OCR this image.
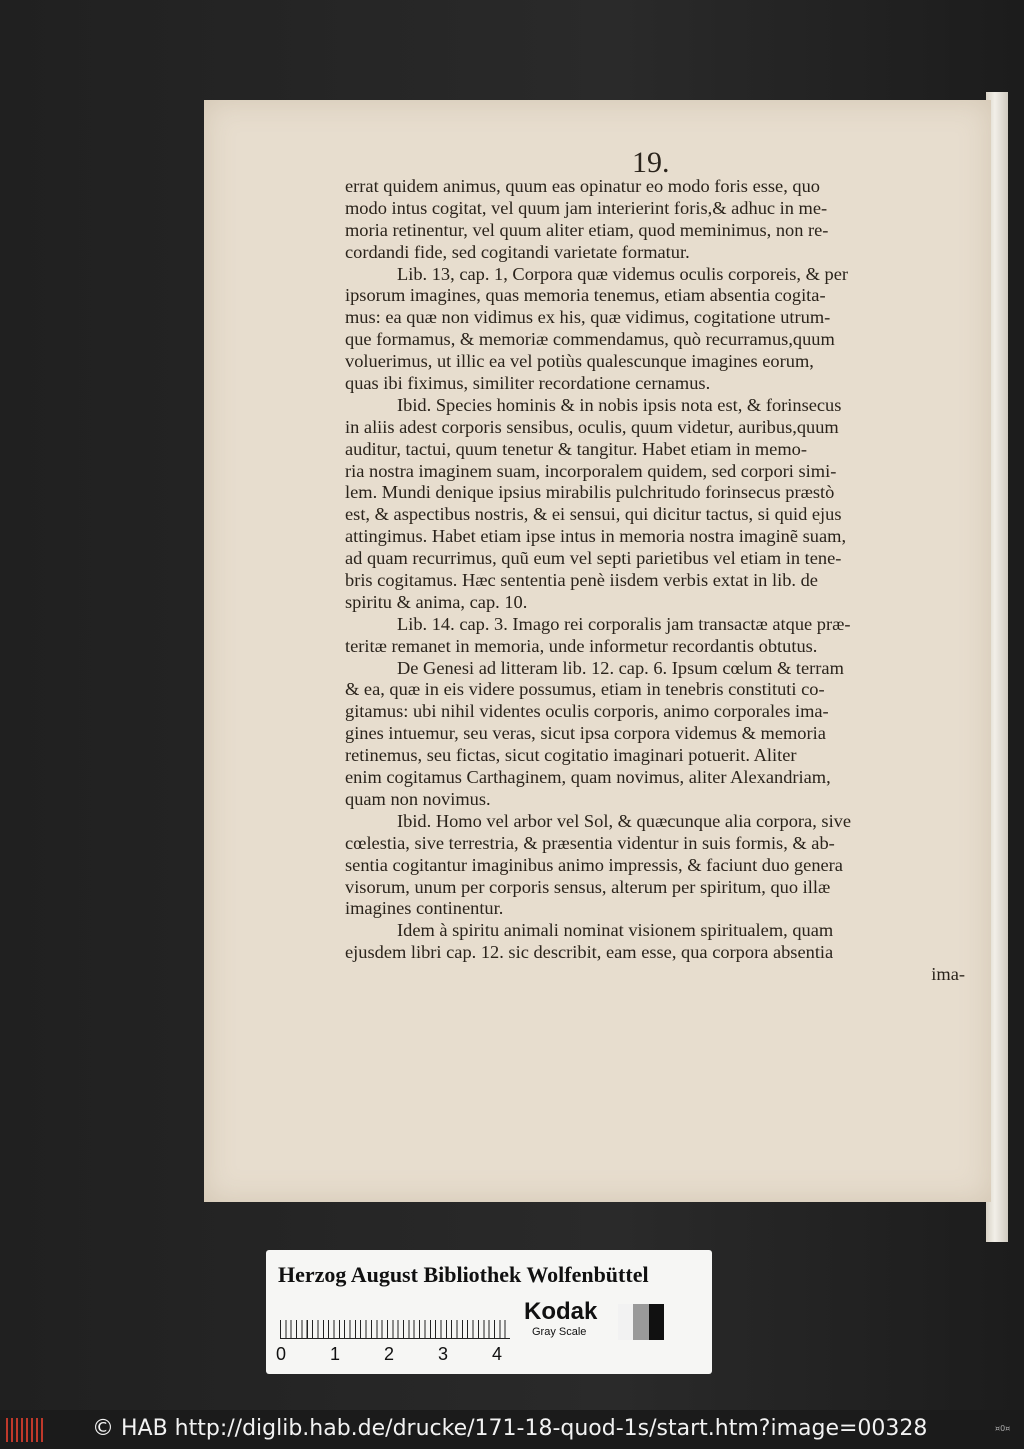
19.
errat quidem animus, quum eas opinatur eo modo foris esse, quo
modo intus cogitat, vel quum jam interierint foris,& adhuc in me-
moria retinentur, vel quum aliter etiam, quod meminimus, non re-
cordandi fide, sed cogitandi varietate formatur.
Lib. 13, cap. 1, Corpora quæ videmus oculis corporeis, & per
ipsorum imagines, quas memoria tenemus, etiam absentia cogita-
mus: ea quæ non vidimus ex his, quæ vidimus, cogitatione utrum-
que formamus, & memoriæ commendamus, quò recurramus,quum
voluerimus, ut illic ea vel potiùs qualescunque imagines eorum,
quas ibi fiximus, similiter recordatione cernamus.
Ibid. Species hominis & in nobis ipsis nota est, & forinsecus
in aliis adest corporis sensibus, oculis, quum videtur, auribus,quum
auditur, tactui, quum tenetur & tangitur. Habet etiam in memo-
ria nostra imaginem suam, incorporalem quidem, sed corpori simi-
lem. Mundi denique ipsius mirabilis pulchritudo forinsecus præstò
est, & aspectibus nostris, & ei sensui, qui dicitur tactus, si quid ejus
attingimus. Habet etiam ipse intus in memoria nostra imaginẽ suam,
ad quam recurrimus, quũ eum vel septi parietibus vel etiam in tene-
bris cogitamus. Hæc sententia penè iisdem verbis extat in lib. de
spiritu & anima, cap. 10.
Lib. 14. cap. 3. Imago rei corporalis jam transactæ atque præ-
teritæ remanet in memoria, unde informetur recordantis obtutus.
De Genesi ad litteram lib. 12. cap. 6. Ipsum cœlum & terram
& ea, quæ in eis videre possumus, etiam in tenebris constituti co-
gitamus: ubi nihil videntes oculis corporis, animo corporales ima-
gines intuemur, seu veras, sicut ipsa corpora videmus & memoria
retinemus, seu fictas, sicut cogitatio imaginari potuerit. Aliter
enim cogitamus Carthaginem, quam novimus, aliter Alexandriam,
quam non novimus.
Ibid. Homo vel arbor vel Sol, & quæcunque alia corpora, sive
cœlestia, sive terrestria, & præsentia videntur in suis formis, & ab-
sentia cogitantur imaginibus animo impressis, & faciunt duo genera
visorum, unum per corporis sensus, alterum per spiritum, quo illæ
imagines continentur.
Idem à spiritu animali nominat visionem spiritualem, quam
ejusdem libri cap. 12. sic describit, eam esse, qua corpora absentia
ima-
Herzog August Bibliothek Wolfenbüttel
0 1 2 3 4
Kodak
Gray Scale
© HAB http://diglib.hab.de/drucke/171-18-quod-1s/start.htm?image=00328	¤0¤
